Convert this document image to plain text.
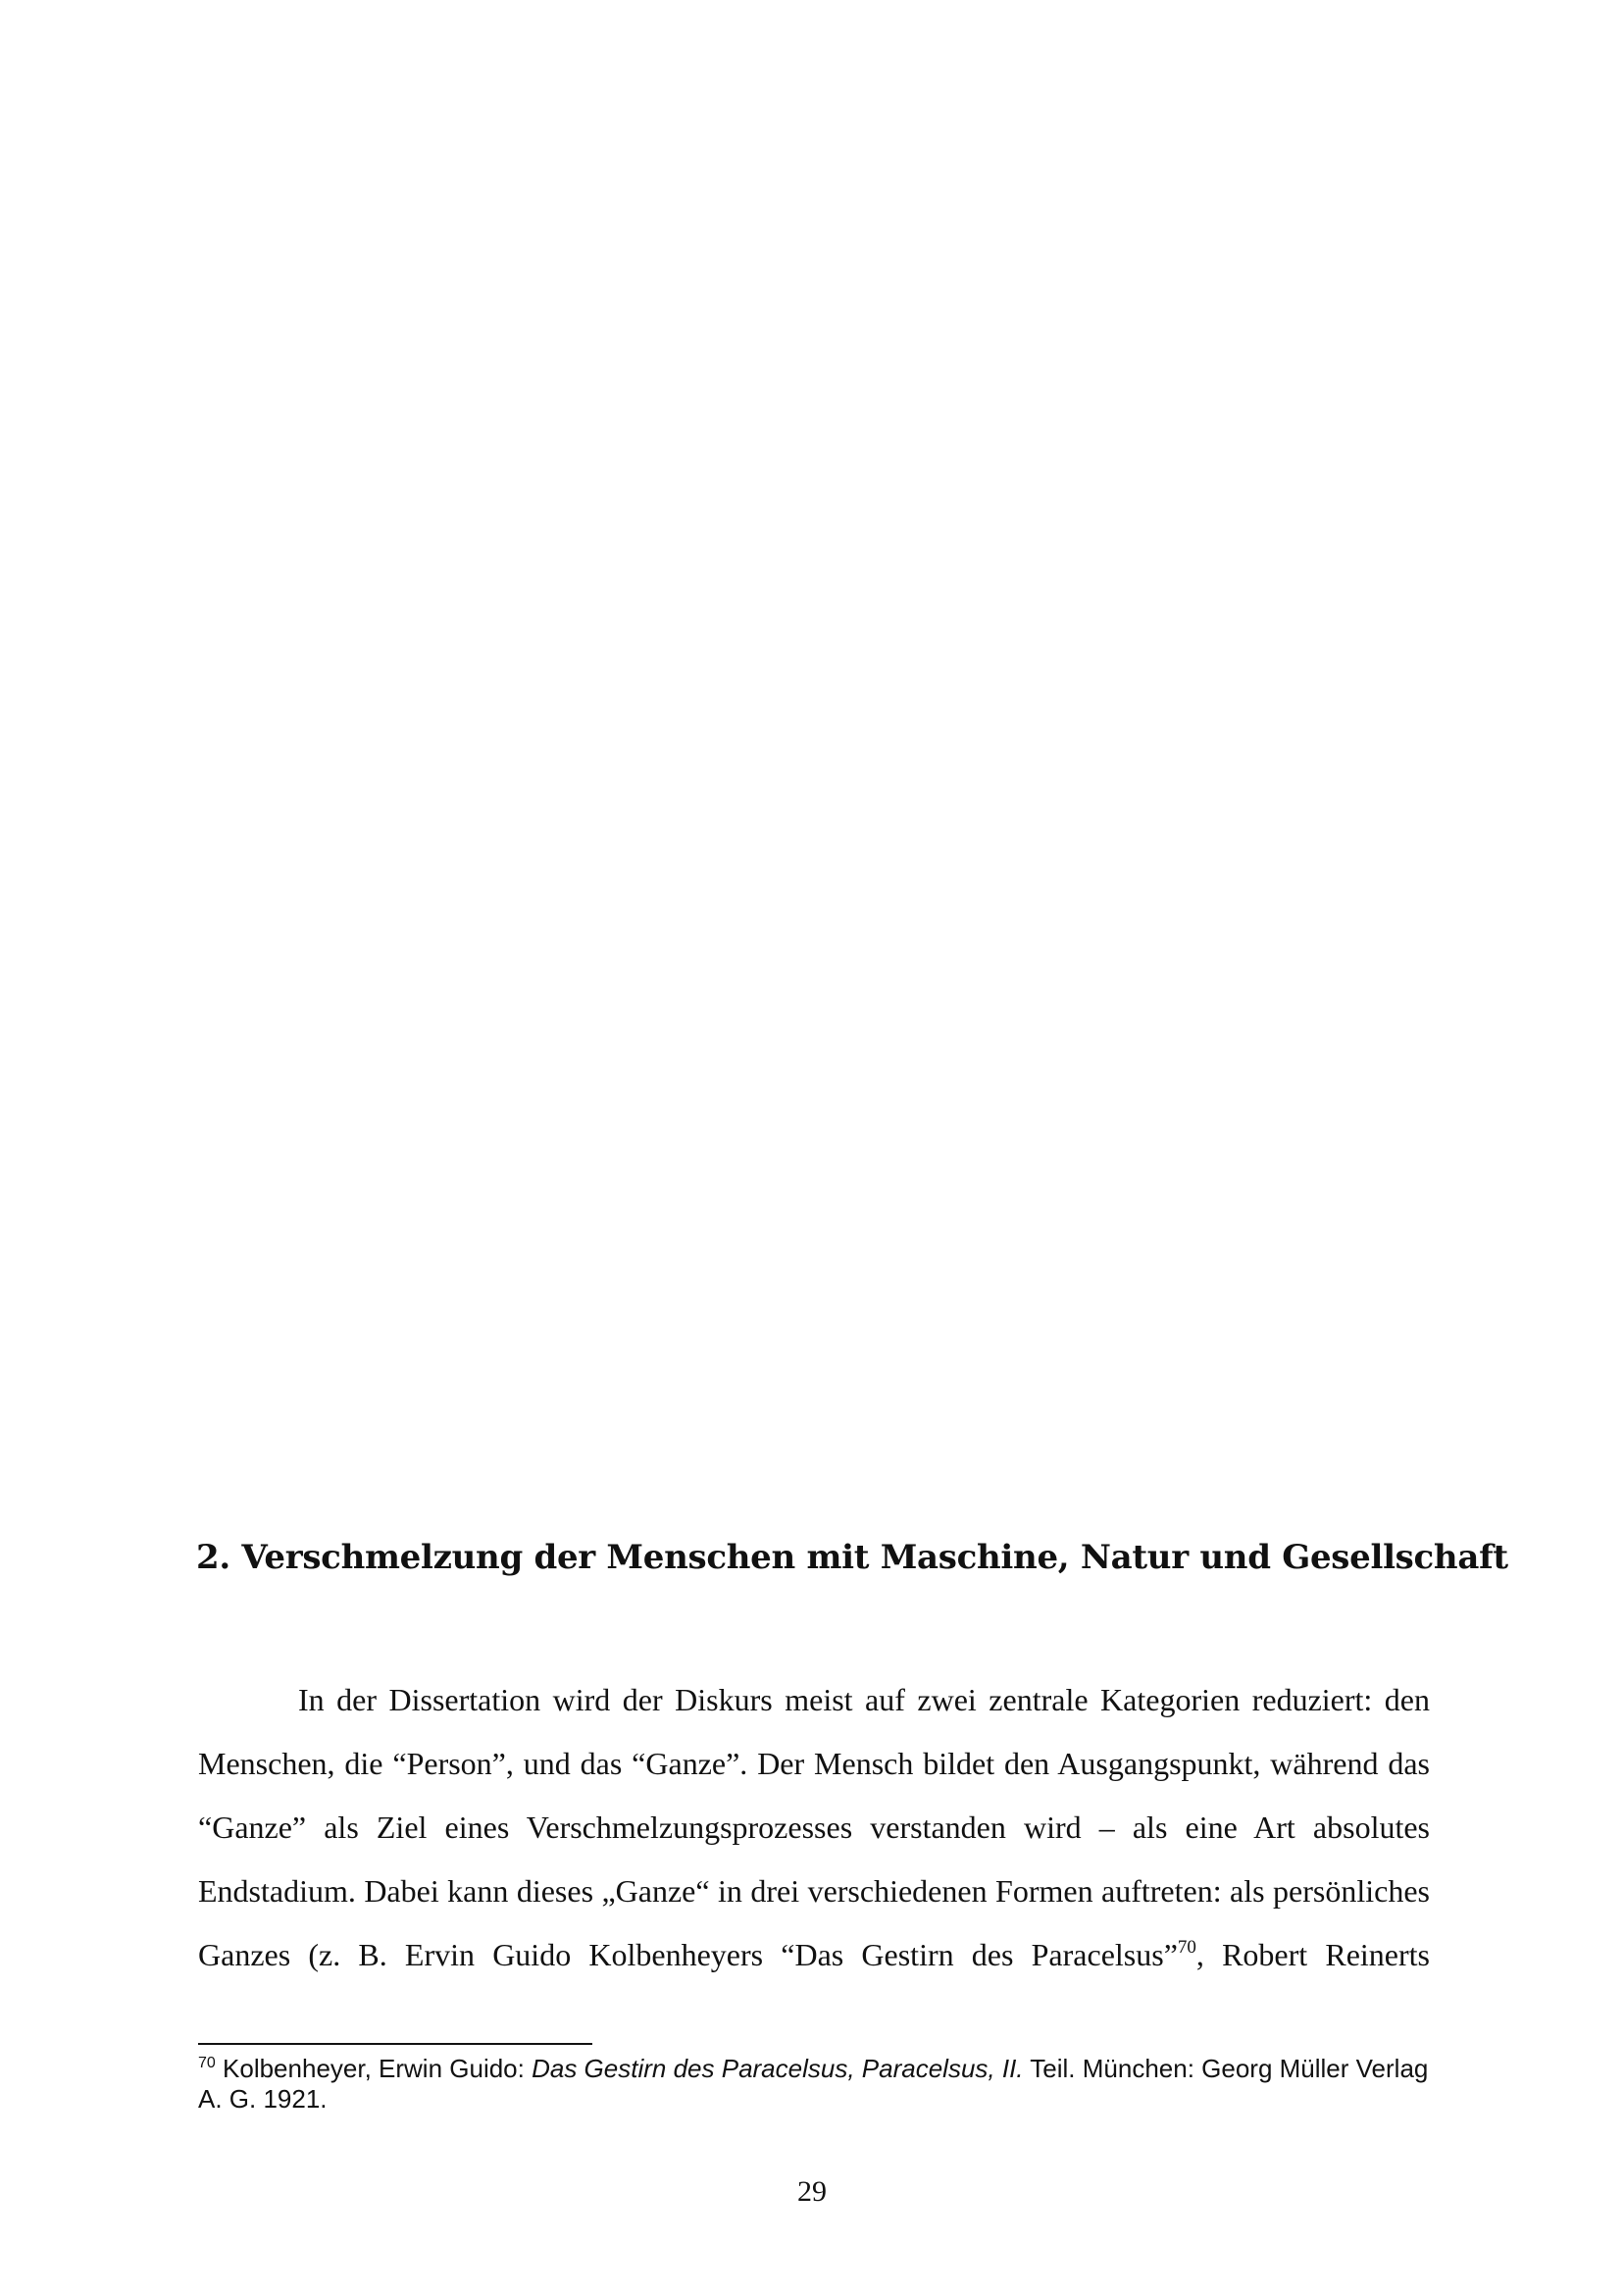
2. Verschmelzung der Menschen mit Maschine, Natur und Gesellschaft
In der Dissertation wird der Diskurs meist auf zwei zentrale Kategorien reduziert: den
Menschen, die “Person”, und das “Ganze”. Der Mensch bildet den Ausgangspunkt, während das
“Ganze” als Ziel eines Verschmelzungsprozesses verstanden wird – als eine Art absolutes
Endstadium. Dabei kann dieses „Ganze“ in drei verschiedenen Formen auftreten: als persönliches
Ganzes (z. B. Ervin Guido Kolbenheyers “Das Gestirn des Paracelsus”$^{70}$, Robert Reinerts
$^{70}$ Kolbenheyer, Erwin Guido: Das Gestirn des Paracelsus, Paracelsus, II. Teil. München: Georg Müller Verlag A. G. 1921.
29
